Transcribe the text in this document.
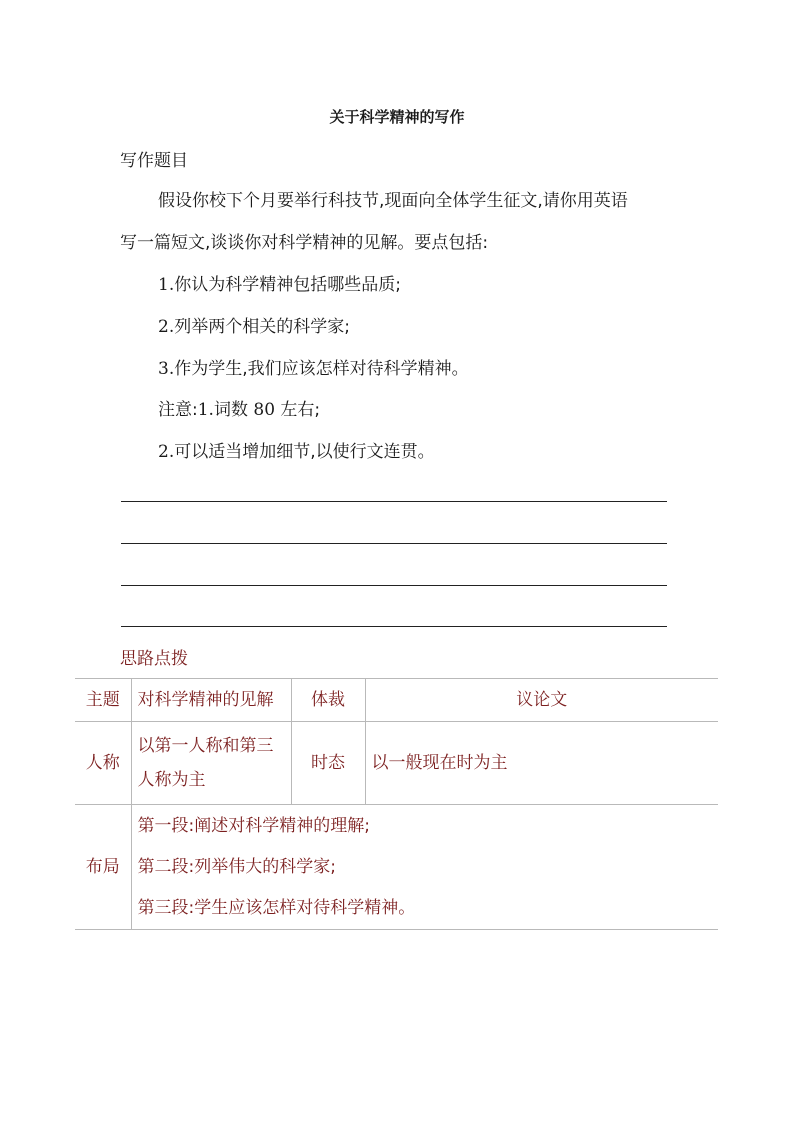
关于科学精神的写作
写作题目
假设你校下个月要举行科技节,现面向全体学生征文,请你用英语
写一篇短文,谈谈你对科学精神的见解。要点包括:
1.你认为科学精神包括哪些品质;
2.列举两个相关的科学家;
3.作为学生,我们应该怎样对待科学精神。
注意:1.词数 80 左右;
2.可以适当增加细节,以使行文连贯。
思路点拨
主题	对科学精神的见解	体裁	议论文
人称	以第一人称和第三人称为主	时态	以一般现在时为主
布局	第一段:阐述对科学精神的理解;
第二段:列举伟大的科学家;
第三段:学生应该怎样对待科学精神。		
